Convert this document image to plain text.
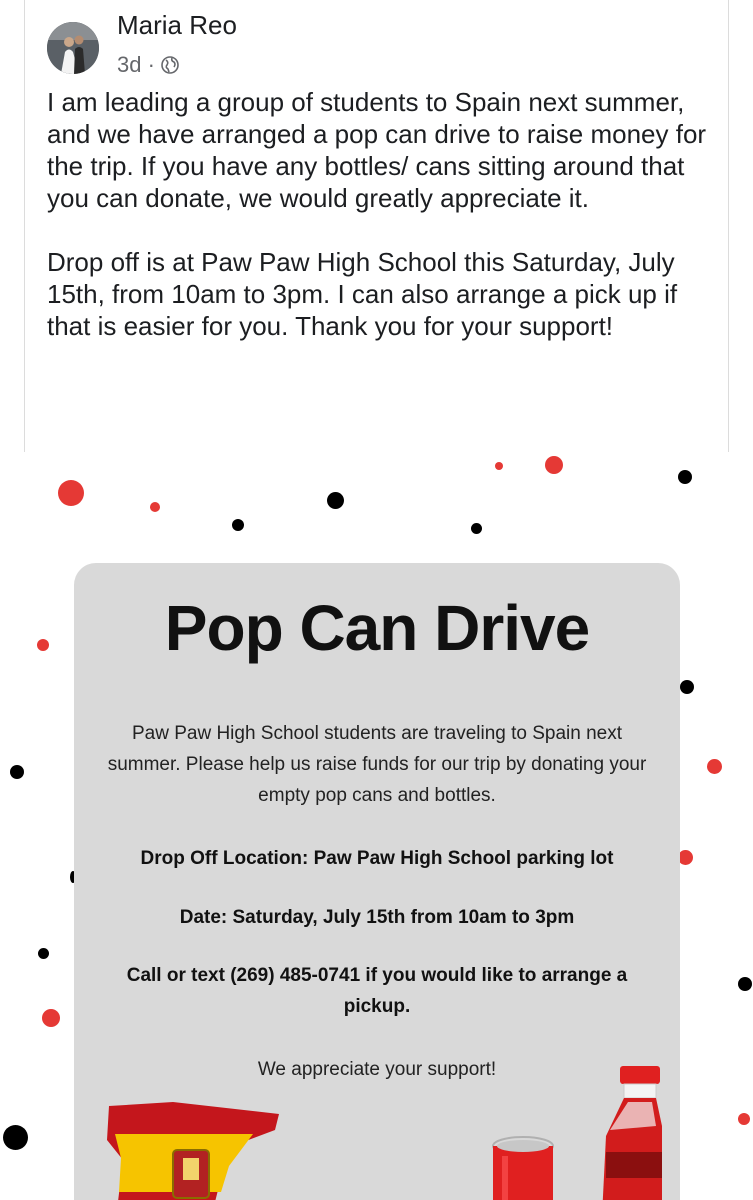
Maria Reo
3d ·

I am leading a group of students to Spain next summer, and we have arranged a pop can drive to raise money for the trip. If you have any bottles/ cans sitting around that you can donate, we would greatly appreciate it.

Drop off is at Paw Paw High School this Saturday, July 15th, from 10am to 3pm. I can also arrange a pick up if that is easier for you. Thank you for your support!

Pop Can Drive
Paw Paw High School students are traveling to Spain next summer. Please help us raise funds for our trip by donating your empty pop cans and bottles.
Drop Off Location: Paw Paw High School parking lot
Date: Saturday, July 15th from 10am to 3pm
Call or text (269) 485-0741 if you would like to arrange a pickup.
We appreciate your support!
